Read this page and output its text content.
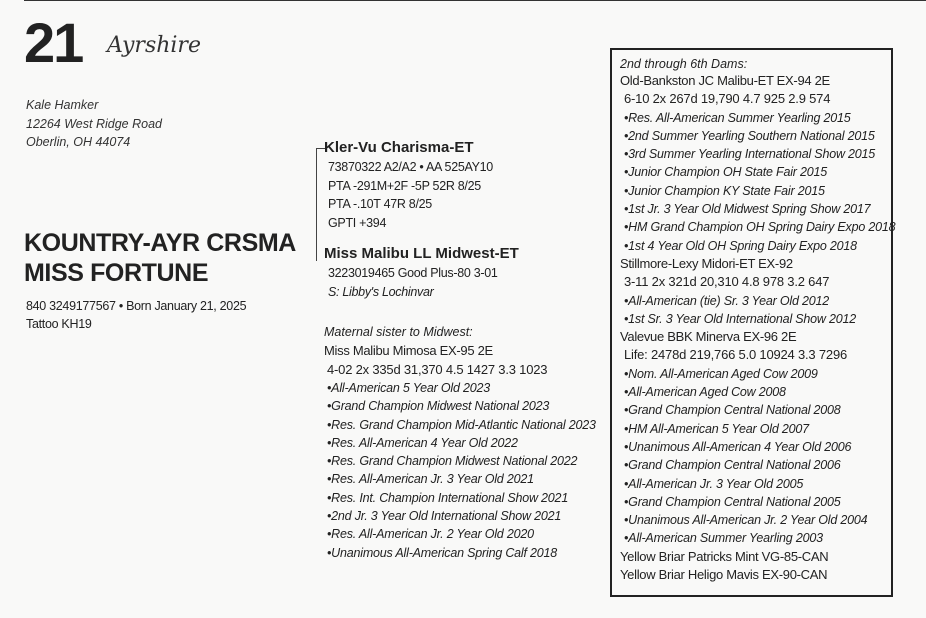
21 Ayrshire
Kale Hamker
12264 West Ridge Road
Oberlin, OH 44074
KOUNTRY-AYR CRSMA
MISS FORTUNE
840 3249177567 • Born January 21, 2025
Tattoo KH19
Kler-Vu Charisma-ET
73870322 A2/A2 • AA 525AY10
PTA -291M+2F -5P 52R 8/25
PTA -.10T 47R 8/25
GPTI +394
Miss Malibu LL Midwest-ET
3223019465 Good Plus-80 3-01
S: Libby's Lochinvar
Maternal sister to Midwest:
Miss Malibu Mimosa EX-95 2E
4-02 2x 335d 31,370 4.5 1427 3.3 1023
•All-American 5 Year Old 2023
•Grand Champion Midwest National 2023
•Res. Grand Champion Mid-Atlantic National 2023
•Res. All-American 4 Year Old 2022
•Res. Grand Champion Midwest National 2022
•Res. All-American Jr. 3 Year Old 2021
•Res. Int. Champion International Show 2021
•2nd Jr. 3 Year Old International Show 2021
•Res. All-American Jr. 2 Year Old 2020
•Unanimous All-American Spring Calf 2018
2nd through 6th Dams:
Old-Bankston JC Malibu-ET EX-94 2E
6-10 2x 267d 19,790 4.7 925 2.9 574
•Res. All-American Summer Yearling 2015
•2nd Summer Yearling Southern National 2015
•3rd Summer Yearling International Show 2015
•Junior Champion OH State Fair 2015
•Junior Champion KY State Fair 2015
•1st Jr. 3 Year Old Midwest Spring Show 2017
•HM Grand Champion OH Spring Dairy Expo 2018
•1st 4 Year Old OH Spring Dairy Expo 2018
Stillmore-Lexy Midori-ET EX-92
3-11 2x 321d 20,310 4.8 978 3.2 647
•All-American (tie) Sr. 3 Year Old 2012
•1st Sr. 3 Year Old International Show 2012
Valevue BBK Minerva EX-96 2E
Life: 2478d 219,766 5.0 10924 3.3 7296
•Nom. All-American Aged Cow 2009
•All-American Aged Cow 2008
•Grand Champion Central National 2008
•HM All-American 5 Year Old 2007
•Unanimous All-American 4 Year Old 2006
•Grand Champion Central National 2006
•All-American Jr. 3 Year Old 2005
•Grand Champion Central National 2005
•Unanimous All-American Jr. 2 Year Old 2004
•All-American Summer Yearling 2003
Yellow Briar Patricks Mint VG-85-CAN
Yellow Briar Heligo Mavis EX-90-CAN
